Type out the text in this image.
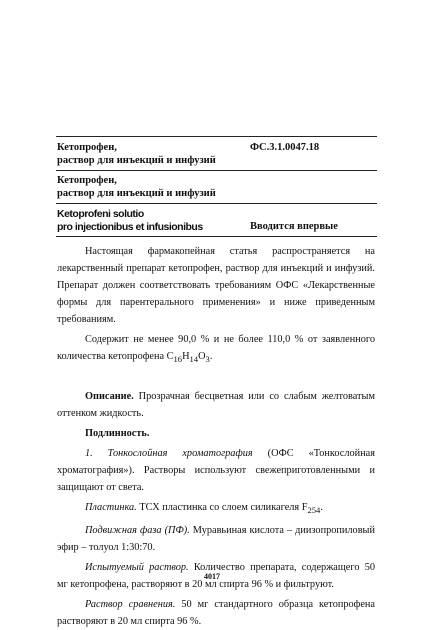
Кетопрофен,
раствор для инъекций и инфузий
ФС.3.1.0047.18
Кетопрофен,
раствор для инъекций и инфузий
Ketoprofeni solutio
pro injectionibus et infusionibus	Вводится впервые

Настоящая фармакопейная статья распространяется на лекарственный препарат кетопрофен, раствор для инъекций и инфузий. Препарат должен соответствовать требованиям ОФС «Лекарственные формы для парентерального применения» и ниже приведенным требованиям.

Содержит не менее 90,0 % и не более 110,0 % от заявленного количества кетопрофена $C_{16}H_{14}O_3$.

Описание. Прозрачная бесцветная или со слабым желтоватым оттенком жидкость.

Подлинность.

1. Тонкослойная хроматография (ОФС «Тонкослойная хроматография»). Растворы используют свежеприготовленными и защищают от света.

Пластинка. ТСХ пластинка со слоем силикагеля $F_{254}$.

Подвижная фаза (ПФ). Муравьиная кислота – диизопропиловый эфир – толуол 1:30:70.

Испытуемый раствор. Количество препарата, содержащего 50 мг кетопрофена, растворяют в 20 мл спирта 96 % и фильтруют.

Раствор сравнения. 50 мг стандартного образца кетопрофена растворяют в 20 мл спирта 96 %.

4017
